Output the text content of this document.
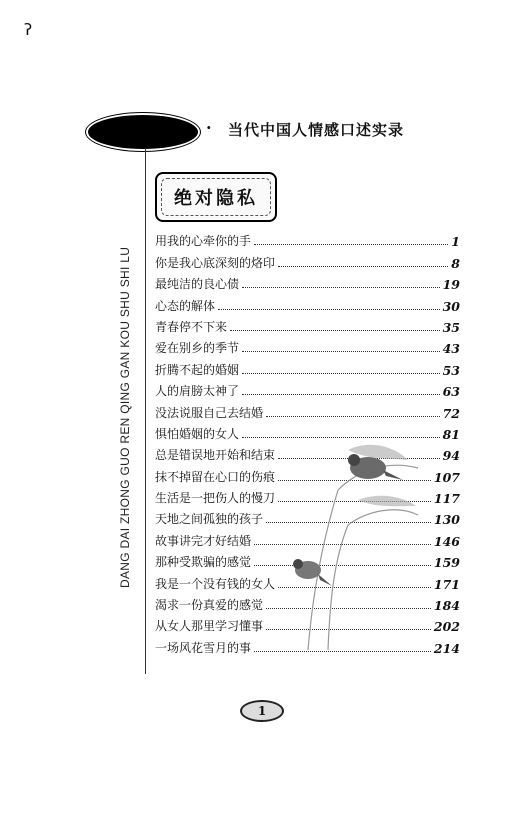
ʔ
· 当代中国人情感口述实录
DANG DAI ZHONG GUO REN QING GAN KOU SHU SHI LU
绝对隐私
用我的心牵你的手	1
你是我心底深刻的烙印	8
最纯洁的良心债	19
心态的解体	30
青春停不下来	35
爱在别乡的季节	43
折腾不起的婚姻	53
人的肩膀太神了	63
没法说服自己去结婚	72
惧怕婚姻的女人	81
总是错误地开始和结束	94
抹不掉留在心口的伤痕	107
生活是一把伤人的慢刀	117
天地之间孤独的孩子	130
故事讲完才好结婚	146
那种受欺骗的感觉	159
我是一个没有钱的女人	171
渴求一份真爱的感觉	184
从女人那里学习懂事	202
一场风花雪月的事	214
1
